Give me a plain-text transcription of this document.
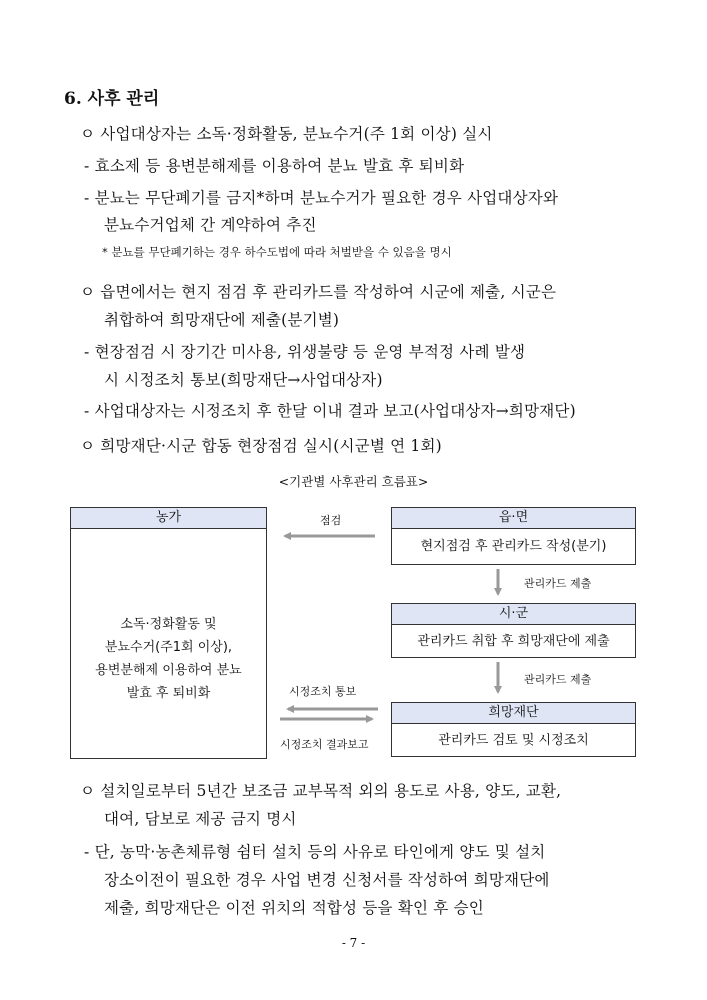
6. 사후 관리
ㅇ 사업대상자는 소독·정화활동, 분뇨수거(주 1회 이상) 실시
- 효소제 등 용변분해제를 이용하여 분뇨 발효 후 퇴비화
- 분뇨는 무단폐기를 금지*하며 분뇨수거가 필요한 경우 사업대상자와
분뇨수거업체 간 계약하여 추진
* 분뇨를 무단폐기하는 경우 하수도법에 따라 처벌받을 수 있음을 명시
ㅇ 읍면에서는 현지 점검 후 관리카드를 작성하여 시군에 제출, 시군은
취합하여 희망재단에 제출(분기별)
- 현장점검 시 장기간 미사용, 위생불량 등 운영 부적정 사례 발생
시 시정조치 통보(희망재단→사업대상자)
- 사업대상자는 시정조치 후 한달 이내 결과 보고(사업대상자→희망재단)
ㅇ 희망재단·시군 합동 현장점검 실시(시군별 연 1회)
<기관별 사후관리 흐름표>
농가
소독·정화활동 및
분뇨수거(주1회 이상),
용변분해제 이용하여 분뇨
발효 후 퇴비화
읍·면
현지점검 후 관리카드 작성(분기)
시·군
관리카드 취합 후 희망재단에 제출
희망재단
관리카드 검토 및 시정조치
점검
관리카드 제출
관리카드 제출
시정조치 통보
시정조치 결과보고
ㅇ 설치일로부터 5년간 보조금 교부목적 외의 용도로 사용, 양도, 교환,
대여, 담보로 제공 금지 명시
- 단, 농막·농촌체류형 쉼터 설치 등의 사유로 타인에게 양도 및 설치
장소이전이 필요한 경우 사업 변경 신청서를 작성하여 희망재단에
제출, 희망재단은 이전 위치의 적합성 등을 확인 후 승인
- 7 -
